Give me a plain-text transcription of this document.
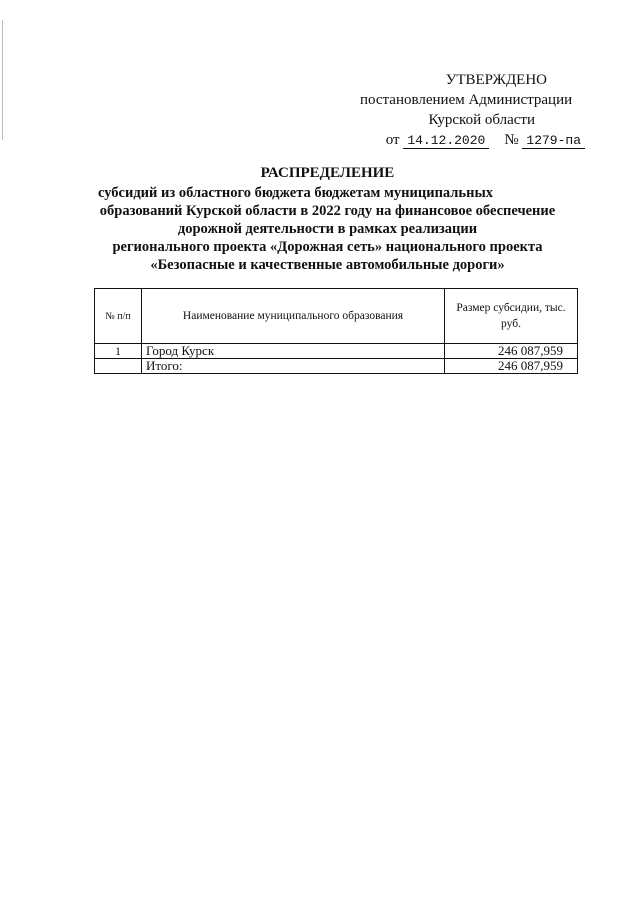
УТВЕРЖДЕНО
постановлением Администрации
Курской области
от 14.12.2020 № 1279-па
РАСПРЕДЕЛЕНИЕ
субсидий из областного бюджета бюджетам муниципальных
образований Курской области в 2022 году на финансовое обеспечение
дорожной деятельности в рамках реализации
регионального проекта «Дорожная сеть» национального проекта
«Безопасные и качественные автомобильные дороги»
№ п/п	Наименование муниципального образования	Размер субсидии, тыс. руб.
1	Город Курск	246 087,959
	Итого:	246 087,959
